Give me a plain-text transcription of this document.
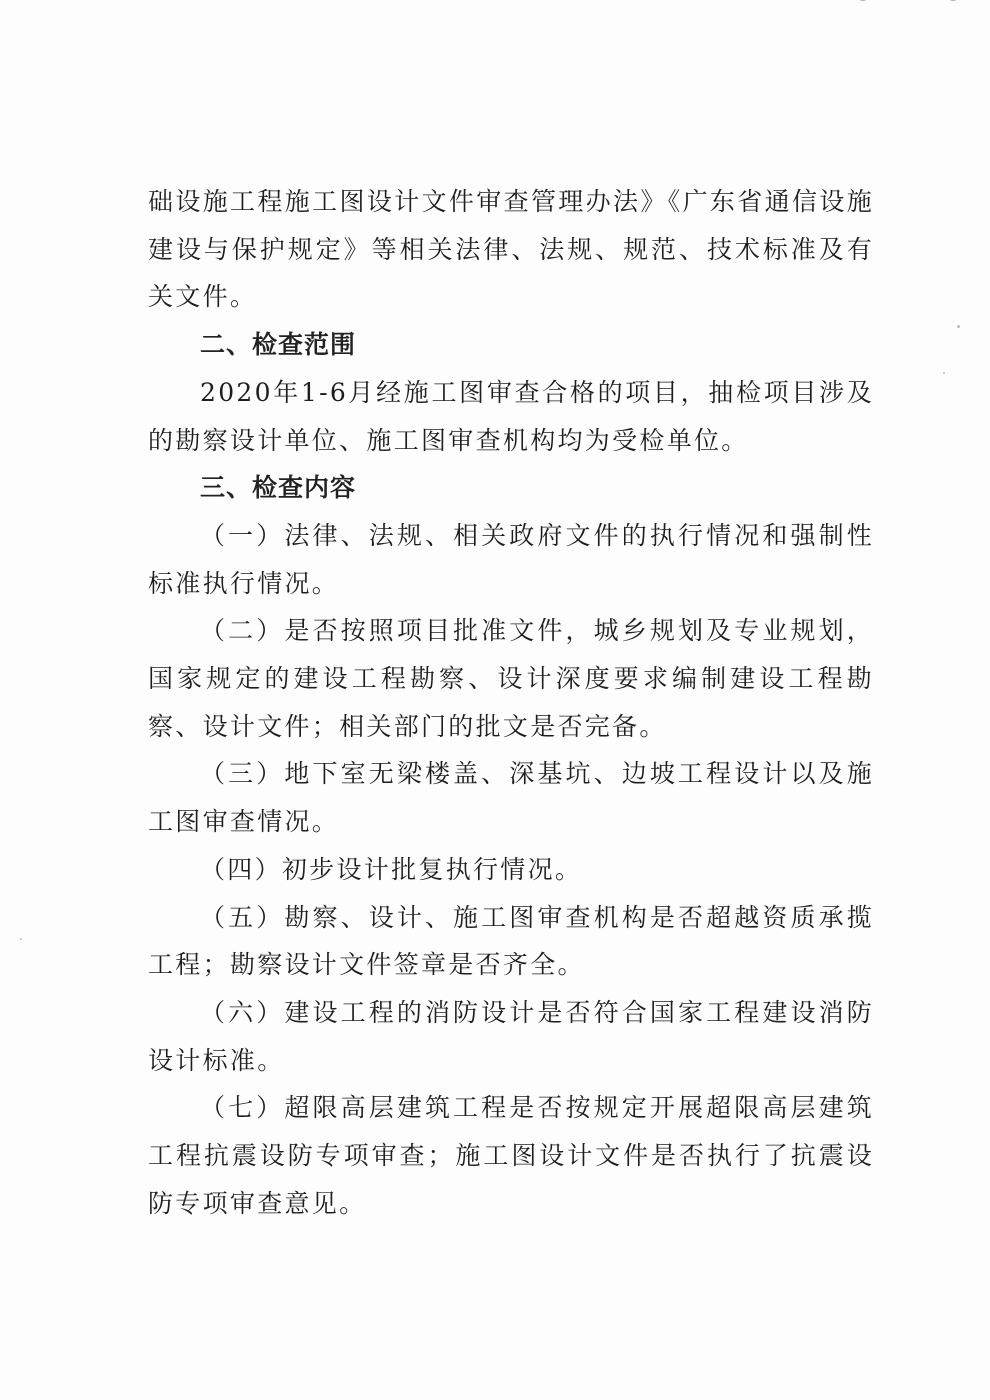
础设施工程施工图设计文件审查管理办法》《广东省通信设施建设与保护规定》等相关法律、法规、规范、技术标准及有关文件。

二、检查范围

2020年1-6月经施工图审查合格的项目，抽检项目涉及的勘察设计单位、施工图审查机构均为受检单位。

三、检查内容

（一）法律、法规、相关政府文件的执行情况和强制性标准执行情况。

（二）是否按照项目批准文件，城乡规划及专业规划，国家规定的建设工程勘察、设计深度要求编制建设工程勘察、设计文件；相关部门的批文是否完备。

（三）地下室无梁楼盖、深基坑、边坡工程设计以及施工图审查情况。

（四）初步设计批复执行情况。

（五）勘察、设计、施工图审查机构是否超越资质承揽工程；勘察设计文件签章是否齐全。

（六）建设工程的消防设计是否符合国家工程建设消防设计标准。

（七）超限高层建筑工程是否按规定开展超限高层建筑工程抗震设防专项审查；施工图设计文件是否执行了抗震设防专项审查意见。
